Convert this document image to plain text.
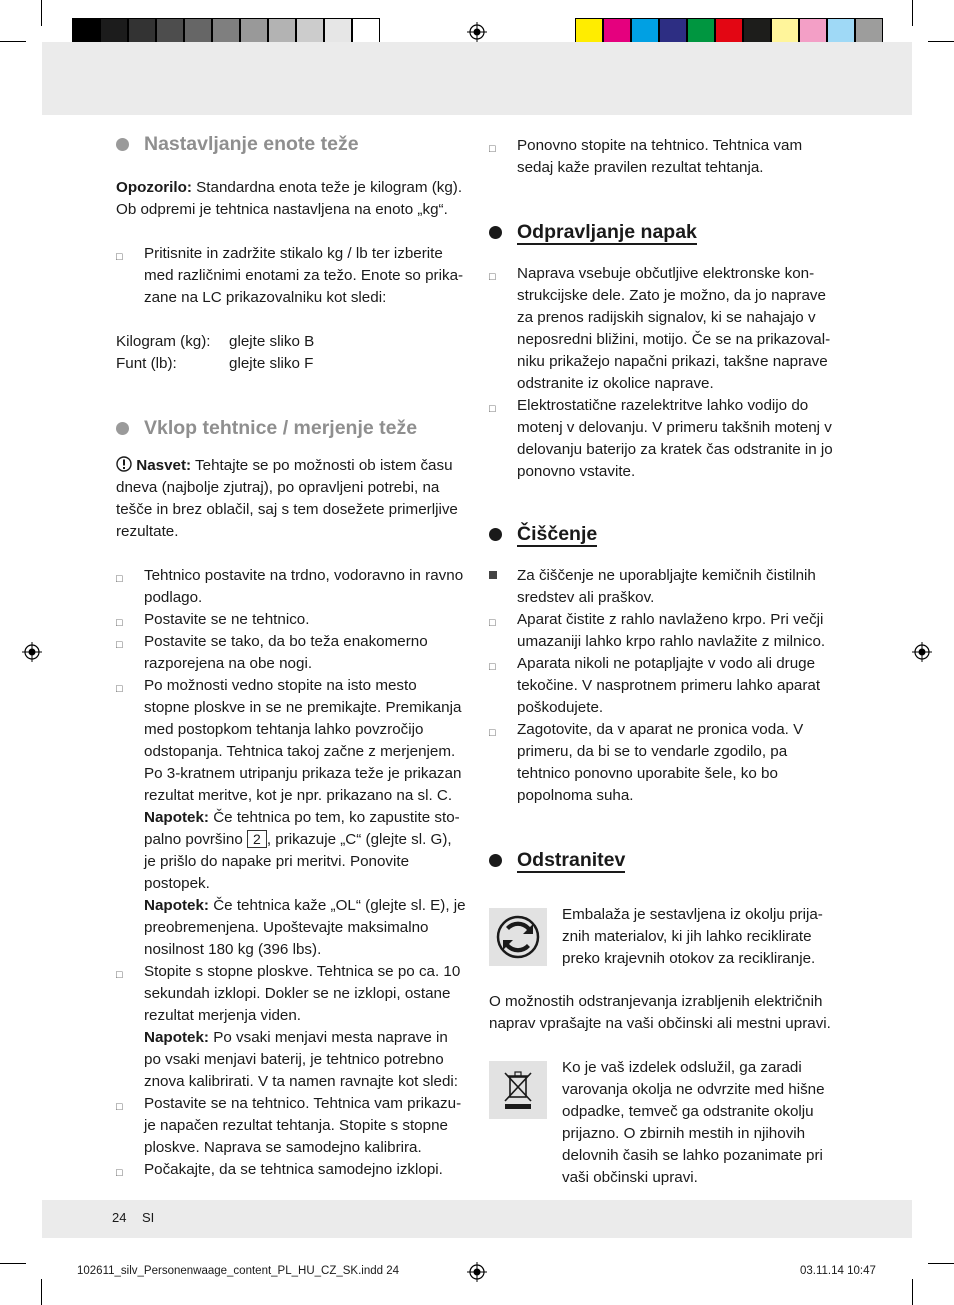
24 SI
Nastavljanje enote teže
Opozorilo: Standardna enota teže je kilogram (kg). Ob odpremi je tehtnica nastavljena na enoto „kg“.
□ Pritisnite in zadržite stikalo kg / lb ter izberite med različnimi enotami za težo. Enote so prikazane na LC prikazovalniku kot sledi:
Kilogram (kg):	glejte sliko B
Funt (lb):	glejte sliko F
Vklop tehtnice / merjenje teže
Nasvet: Tehtajte se po možnosti ob istem času dneva (najbolje zjutraj), po opravljeni potrebi, na tešče in brez oblačil, saj s tem dosežete primerljive rezultate.
□ Tehtnico postavite na trdno, vodoravno in ravno podlago.
□ Postavite se ne tehtnico.
□ Postavite se tako, da bo teža enakomerno razporejena na obe nogi.
□ Po možnosti vedno stopite na isto mesto stopne ploskve in se ne premikajte. Premikanja med postopkom tehtanja lahko povzročijo odstopanja. Tehtnica takoj začne z merjenjem. Po 3-kratnem utripanju prikaza teže je prikazan rezultat meritve, kot je npr. prikazano na sl. C.
Napotek: Če tehtnica po tem, ko zapustite stopalno površino 2 , prikazuje „C“ (glejte sl. G), je prišlo do napake pri meritvi. Ponovite postopek.
Napotek: Če tehtnica kaže „OL“ (glejte sl. E), je preobremenjena. Upoštevajte maksimalno nosilnost 180 kg (396 lbs).
□ Stopite s stopne ploskve. Tehtnica se po ca. 10 sekundah izklopi. Dokler se ne izklopi, ostane rezultat merjenja viden.
Napotek: Po vsaki menjavi mesta naprave in po vsaki menjavi baterij, je tehtnico potrebno znova kalibrirati. V ta namen ravnajte kot sledi:
□ Postavite se na tehtnico. Tehtnica vam prikazuje napačen rezultat tehtanja. Stopite s stopne ploskve. Naprava se samodejno kalibrira.
□ Počakajte, da se tehtnica samodejno izklopi.
□ Ponovno stopite na tehtnico. Tehtnica vam sedaj kaže pravilen rezultat tehtanja.
Odpravljanje napak
□ Naprava vsebuje občutljive elektronske konstrukcijske dele. Zato je možno, da jo naprave za prenos radijskih signalov, ki se nahajajo v neposredni bližini, motijo. Če se na prikazovalniku prikažejo napačni prikazi, takšne naprave odstranite iz okolice naprave.
□ Elektrostatične razelektritve lahko vodijo do motenj v delovanju. V primeru takšnih motenj v delovanju baterijo za kratek čas odstranite in jo ponovno vstavite.
Čiščenje
Za čiščenje ne uporabljajte kemičnih čistilnih sredstev ali praškov.
□ Aparat čistite z rahlo navlaženo krpo. Pri večji umazaniji lahko krpo rahlo navlažite z milnico.
□ Aparata nikoli ne potapljajte v vodo ali druge tekočine. V nasprotnem primeru lahko aparat poškodujete.
□ Zagotovite, da v aparat ne pronica voda. V primeru, da bi se to vendarle zgodilo, pa tehtnico ponovno uporabite šele, ko bo popolnoma suha.
Odstranitev
Embalaža je sestavljena iz okolju prijaznih materialov, ki jih lahko reciklirate preko krajevnih otokov za recikliranje.
O možnostih odstranjevanja izrabljenih električnih naprav vprašajte na vaši občinski ali mestni upravi.
Ko je vaš izdelek odslužil, ga zaradi varovanja okolja ne odvrzite med hišne odpadke, temveč ga odstranite okolju prijazno. O zbirnih mestih in njihovih delovnih časih se lahko pozanimate pri vaši občinski upravi.
102611_silv_Personenwaage_content_PL_HU_CZ_SK.indd 24	03.11.14 10:47
